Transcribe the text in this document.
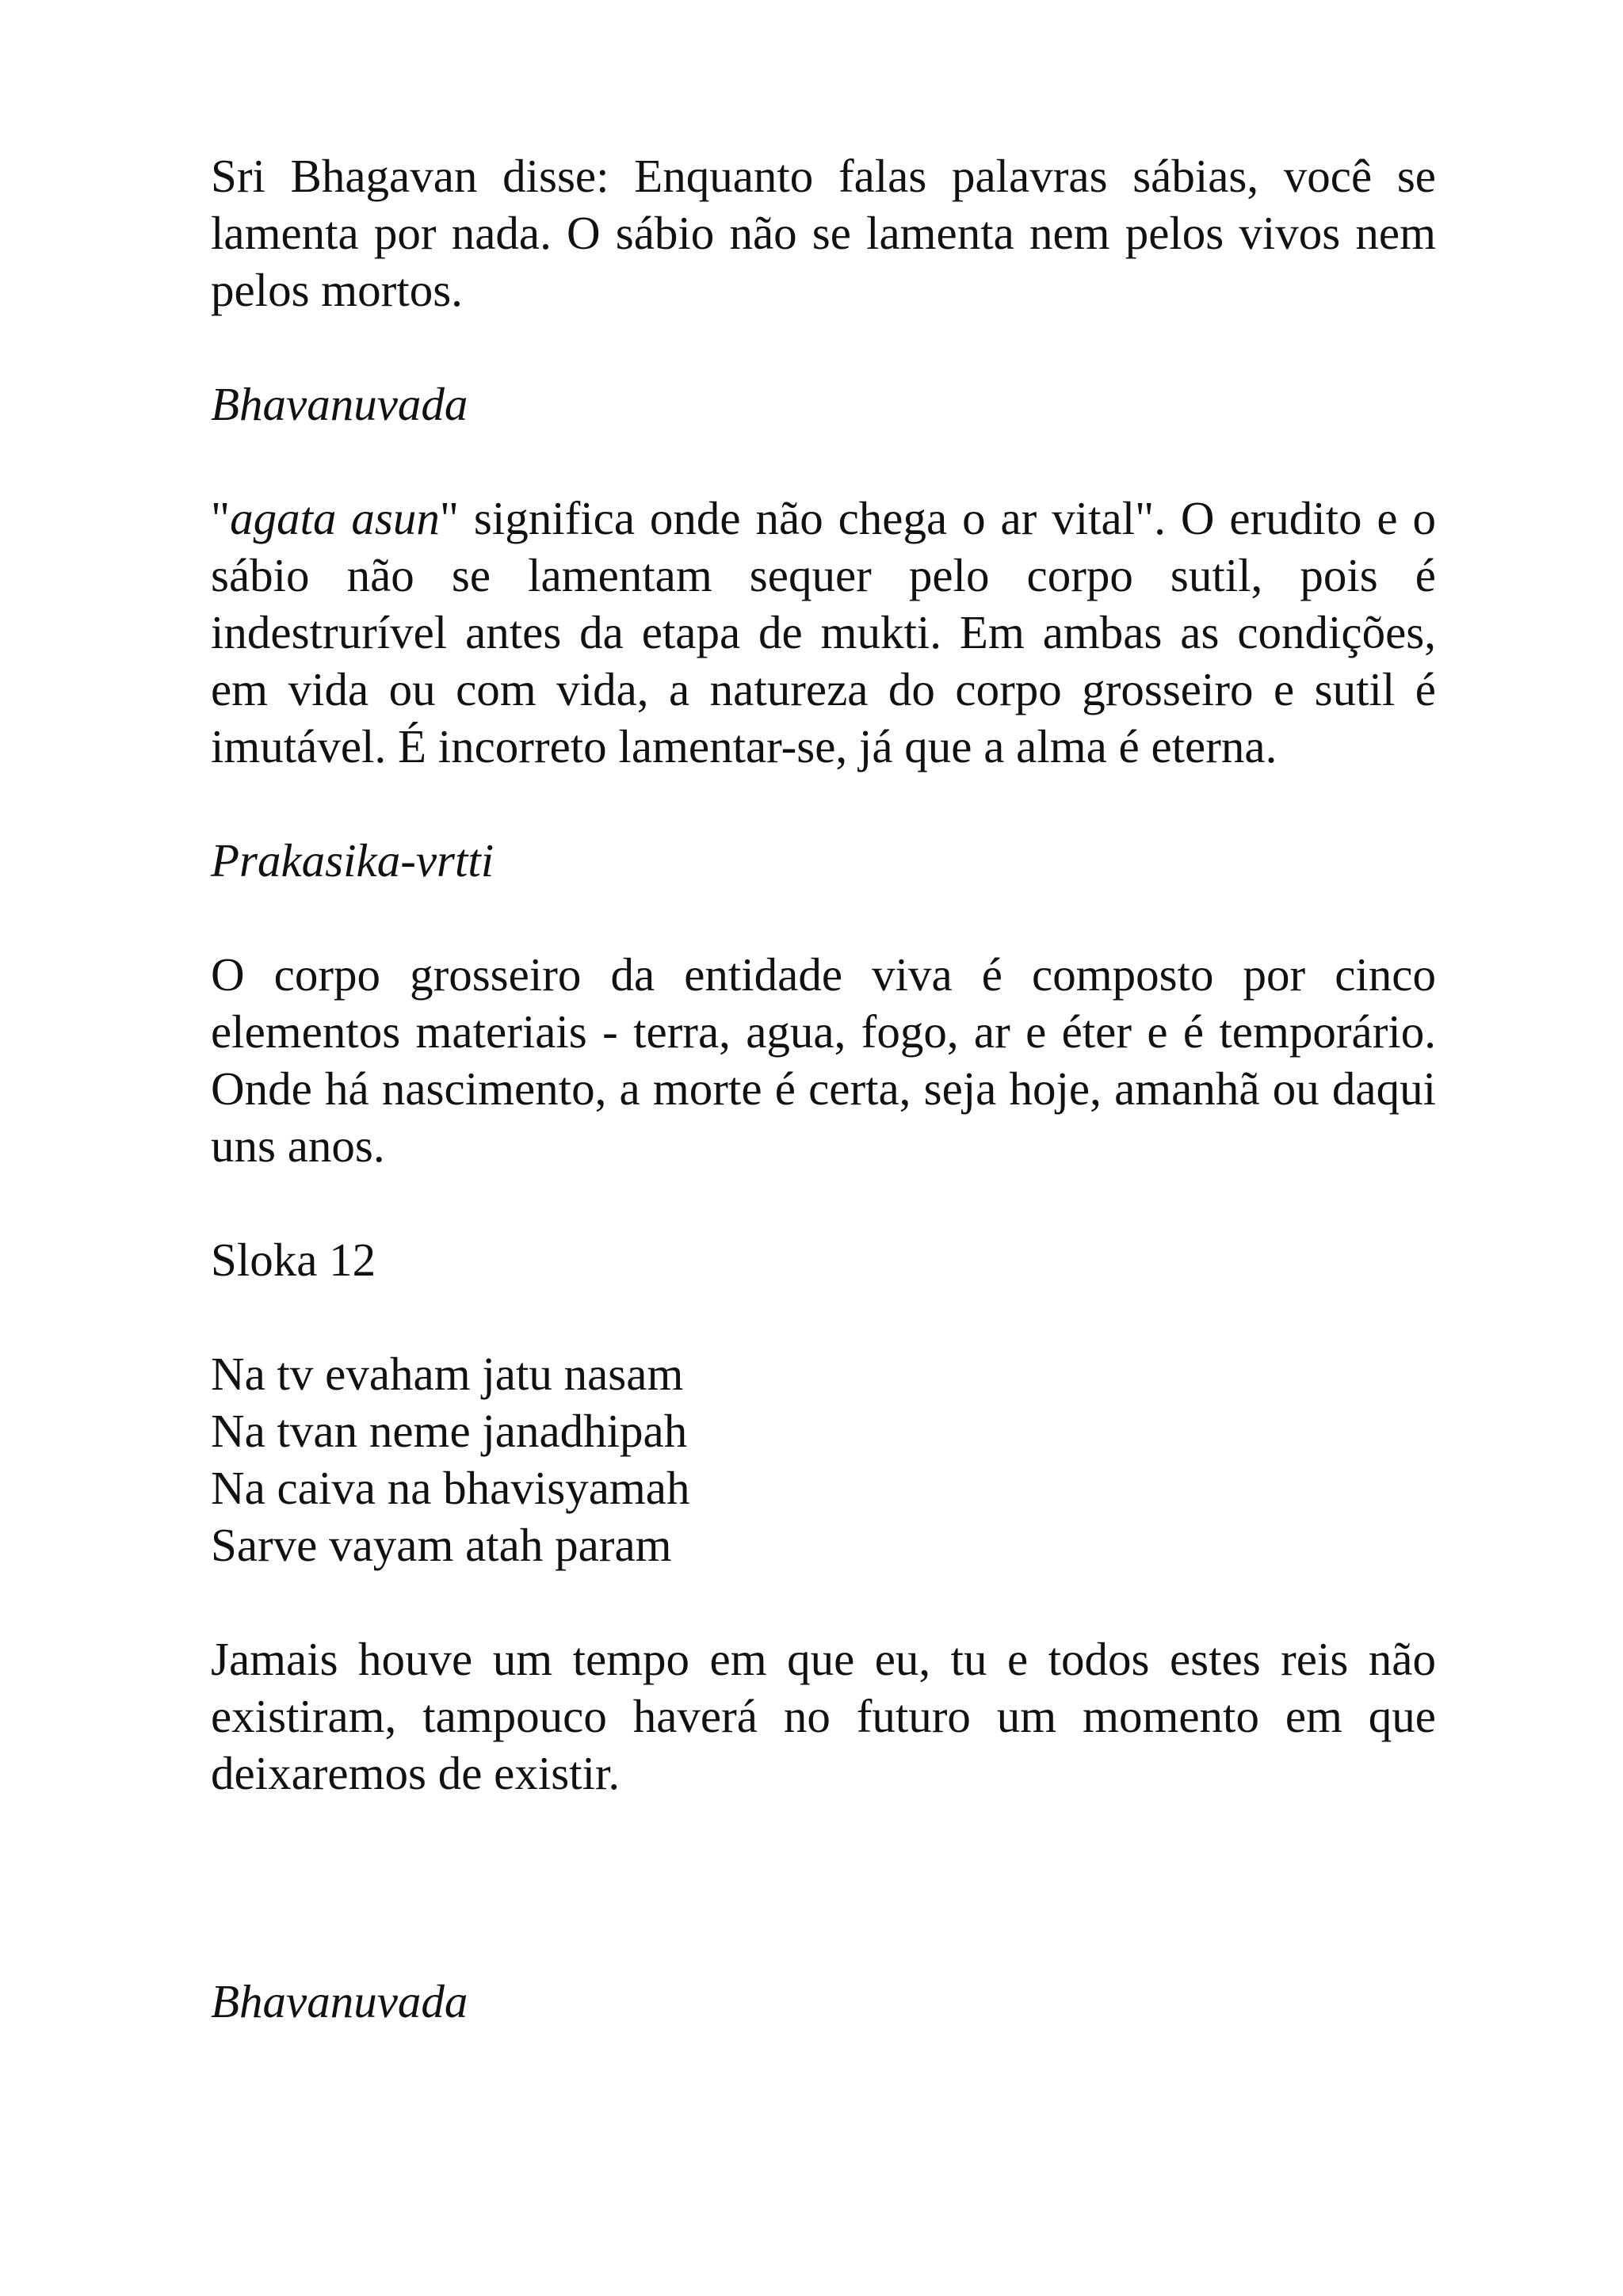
Sri Bhagavan disse: Enquanto falas palavras sábias, você se lamenta por nada. O sábio não se lamenta nem pelos vivos nem pelos mortos.

Bhavanuvada

"agata asun" significa onde não chega o ar vital". O erudito e o sábio não se lamentam sequer pelo corpo sutil, pois é indestrurível antes da etapa de mukti. Em ambas as condições, em vida ou com vida, a natureza do corpo grosseiro e sutil é imutável. É incorreto lamentar-se, já que a alma é eterna.

Prakasika-vrtti

O corpo grosseiro da entidade viva é composto por cinco elementos materiais - terra, agua, fogo, ar e éter e é temporário. Onde há nascimento, a morte é certa, seja hoje, amanhã ou daqui uns anos.

Sloka 12

Na tv evaham jatu nasam
Na tvan neme janadhipah
Na caiva na bhavisyamah
Sarve vayam atah param

Jamais houve um tempo em que eu, tu e todos estes reis não existiram, tampouco haverá no futuro um momento em que deixaremos de existir.

Bhavanuvada
